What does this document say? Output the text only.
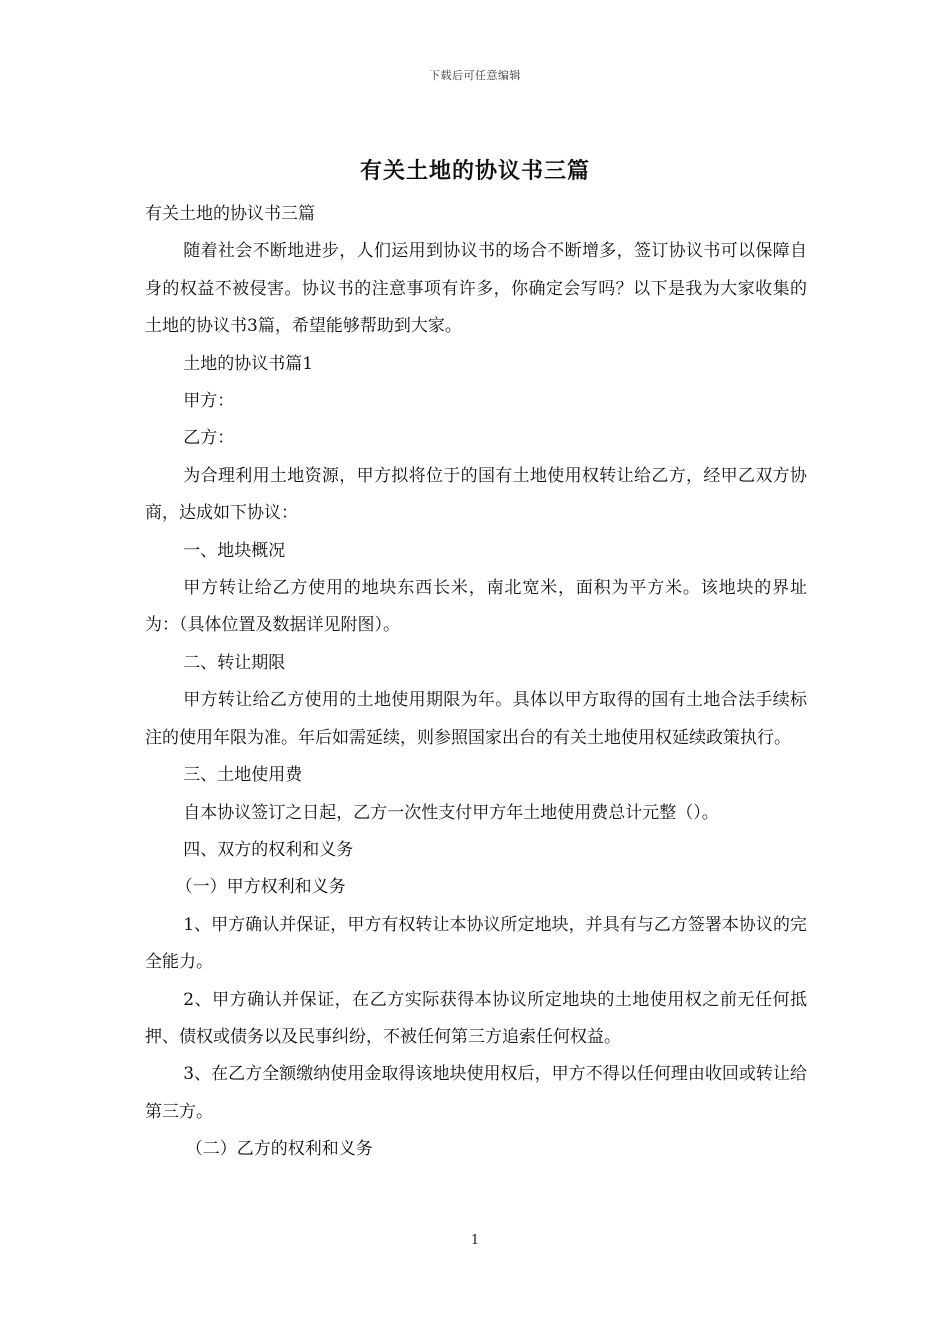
下载后可任意编辑
有关土地的协议书三篇

有关土地的协议书三篇

随着社会不断地进步，人们运用到协议书的场合不断增多，签订协议书可以保障自身的权益不被侵害。协议书的注意事项有许多，你确定会写吗？以下是我为大家收集的土地的协议书3篇，希望能够帮助到大家。

土地的协议书篇1

甲方：

乙方：

为合理利用土地资源，甲方拟将位于的国有土地使用权转让给乙方，经甲乙双方协商，达成如下协议：

一、地块概况

甲方转让给乙方使用的地块东西长米，南北宽米，面积为平方米。该地块的界址为：（具体位置及数据详见附图）。

二、转让期限

甲方转让给乙方使用的土地使用期限为年。具体以甲方取得的国有土地合法手续标注的使用年限为准。年后如需延续，则参照国家出台的有关土地使用权延续政策执行。

三、土地使用费

自本协议签订之日起，乙方一次性支付甲方年土地使用费总计元整（）。

四、双方的权利和义务

（一）甲方权利和义务

1、甲方确认并保证，甲方有权转让本协议所定地块，并具有与乙方签署本协议的完全能力。

2、甲方确认并保证，在乙方实际获得本协议所定地块的土地使用权之前无任何抵押、债权或债务以及民事纠纷，不被任何第三方追索任何权益。

3、在乙方全额缴纳使用金取得该地块使用权后，甲方不得以任何理由收回或转让给第三方。

（二）乙方的权利和义务

1
